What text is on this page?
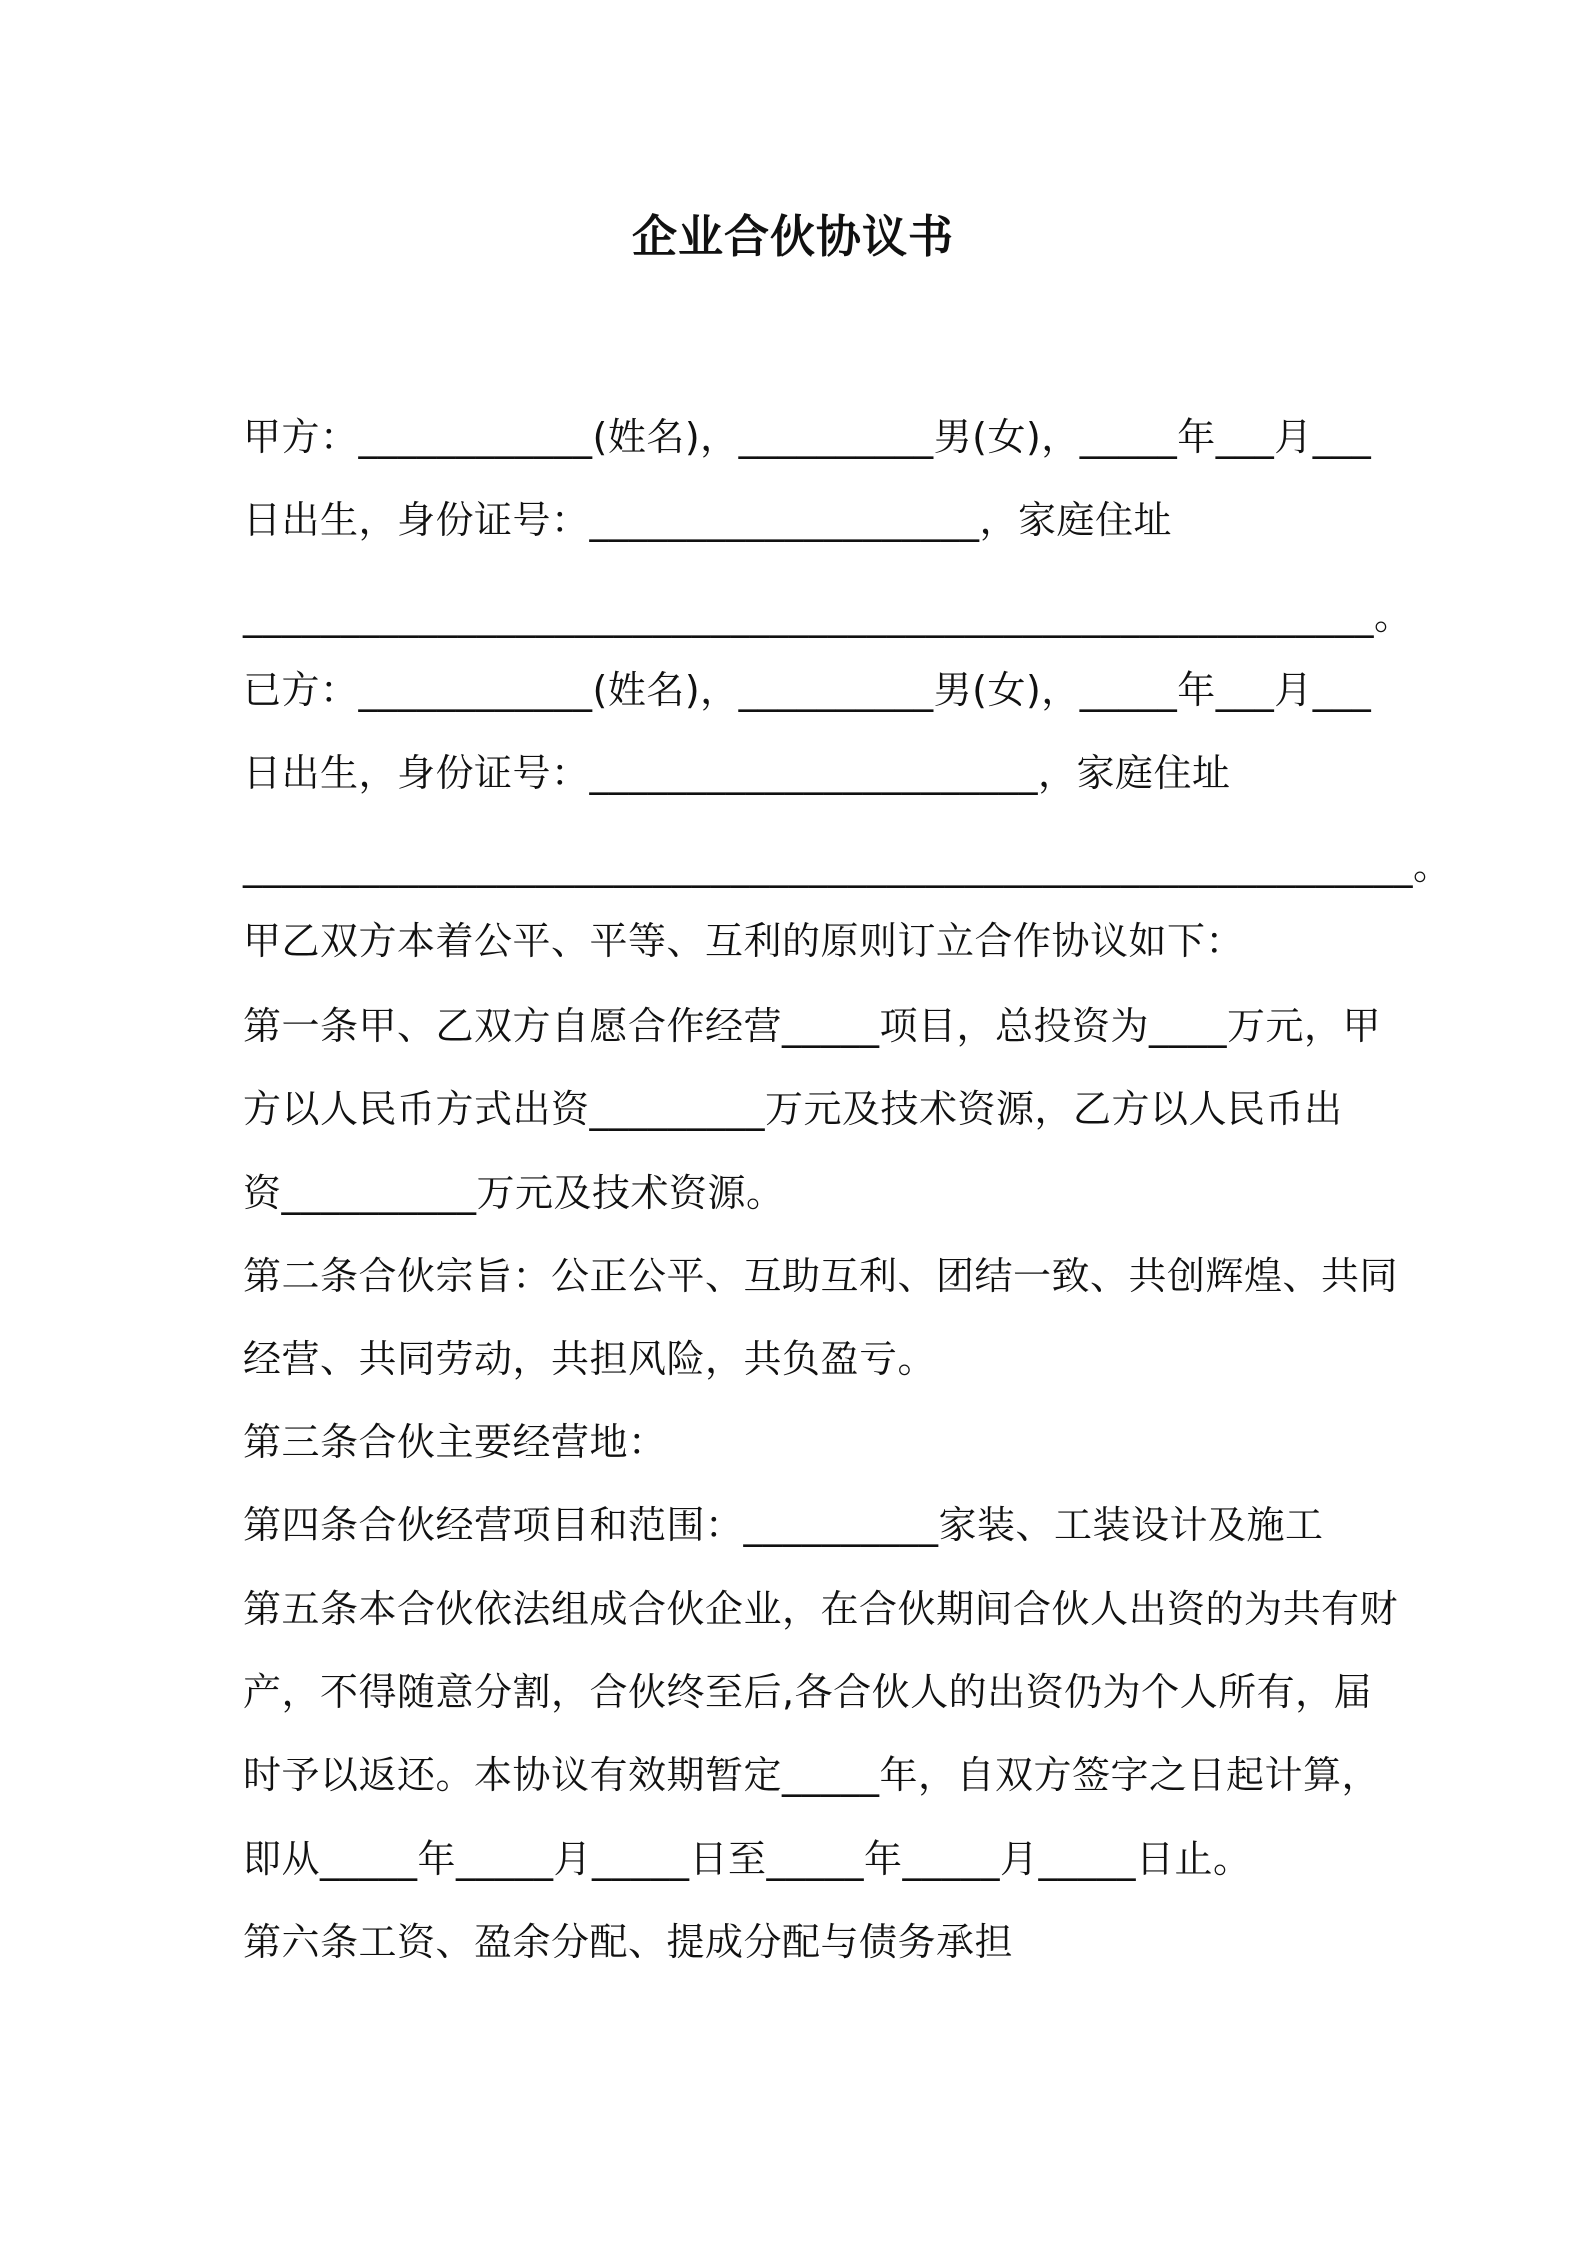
企业合伙协议书
甲方：____________(姓名)，__________男(女)，_____年___月___
日出生，身份证号：____________________，家庭住址
__________________________________________________________。
已方：____________(姓名)，__________男(女)，_____年___月___
日出生，身份证号：_______________________，家庭住址
____________________________________________________________。
甲乙双方本着公平、平等、互利的原则订立合作协议如下：
第一条甲、乙双方自愿合作经营_____项目，总投资为____万元，甲
方以人民币方式出资_________万元及技术资源，乙方以人民币出
资__________万元及技术资源。
第二条合伙宗旨：公正公平、互助互利、团结一致、共创辉煌、共同
经营、共同劳动，共担风险，共负盈亏。
第三条合伙主要经营地：
第四条合伙经营项目和范围：__________家装、工装设计及施工
第五条本合伙依法组成合伙企业，在合伙期间合伙人出资的为共有财
产，不得随意分割，合伙终至后,各合伙人的出资仍为个人所有，届
时予以返还。本协议有效期暂定_____年，自双方签字之日起计算，
即从_____年_____月_____日至_____年_____月_____日止。
第六条工资、盈余分配、提成分配与债务承担
